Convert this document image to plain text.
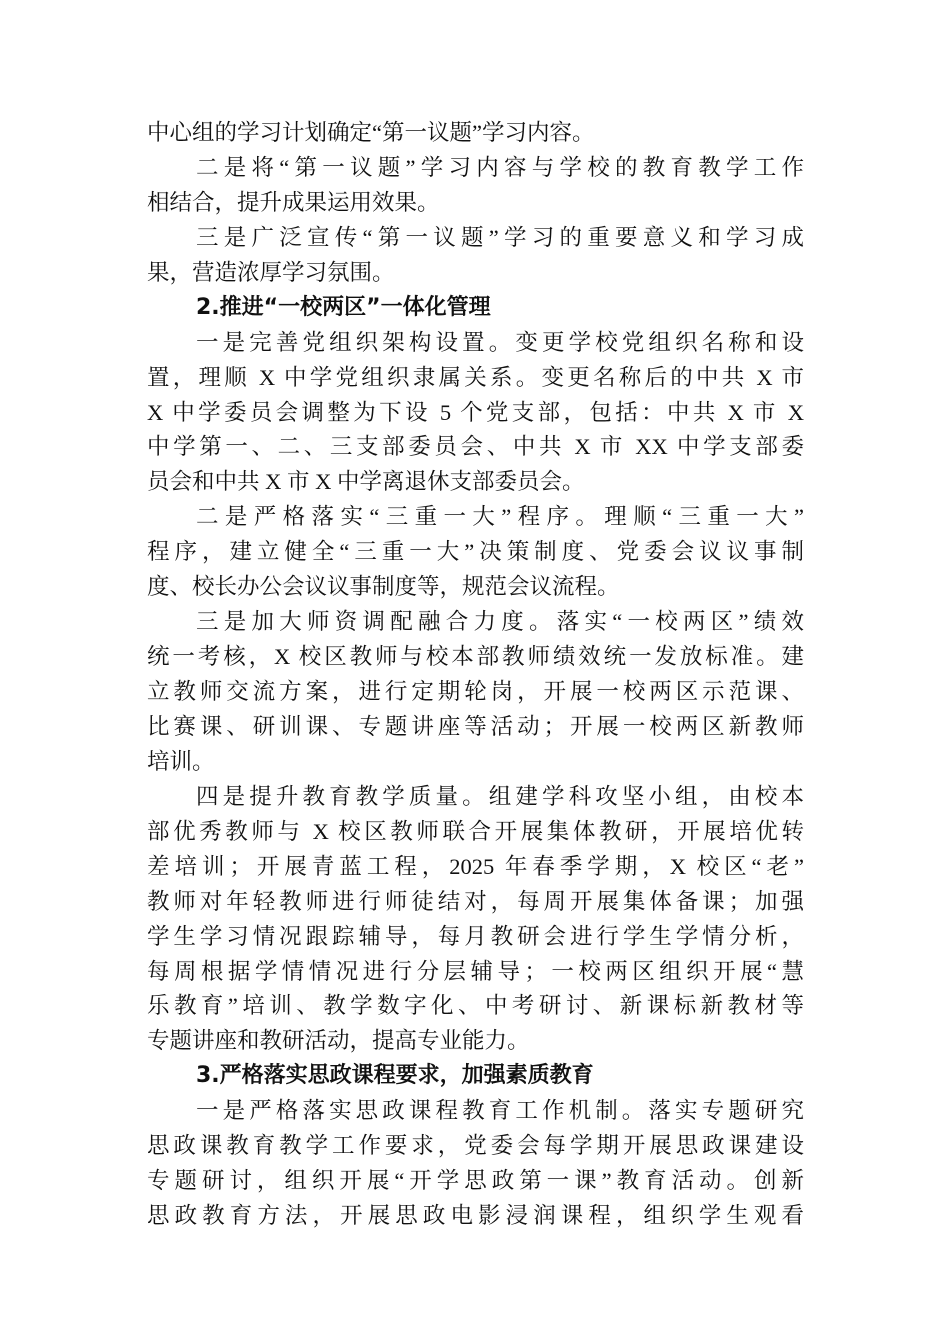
中心组的学习计划确定“第一议题”学习内容。
二是将“第一议题”学习内容与学校的教育教学工作
相结合，提升成果运用效果。
三是广泛宣传“第一议题”学习的重要意义和学习成
果，营造浓厚学习氛围。
2.推进“一校两区”一体化管理
一是完善党组织架构设置。变更学校党组织名称和设
置，理顺 X 中学党组织隶属关系。变更名称后的中共 X 市
X 中学委员会调整为下设 5 个党支部，包括：中共 X 市 X
中学第一、二、三支部委员会、中共 X 市 XX 中学支部委
员会和中共 X 市 X 中学离退休支部委员会。
二是严格落实“三重一大”程序。理顺“三重一大”
程序，建立健全“三重一大”决策制度、党委会议议事制
度、校长办公会议议事制度等，规范会议流程。
三是加大师资调配融合力度。落实“一校两区”绩效
统一考核，X 校区教师与校本部教师绩效统一发放标准。建
立教师交流方案，进行定期轮岗，开展一校两区示范课、
比赛课、研训课、专题讲座等活动；开展一校两区新教师
培训。
四是提升教育教学质量。组建学科攻坚小组，由校本
部优秀教师与 X 校区教师联合开展集体教研，开展培优转
差培训；开展青蓝工程，2025 年春季学期，X 校区“老”
教师对年轻教师进行师徒结对，每周开展集体备课；加强
学生学习情况跟踪辅导，每月教研会进行学生学情分析，
每周根据学情情况进行分层辅导；一校两区组织开展“慧
乐教育”培训、教学数字化、中考研讨、新课标新教材等
专题讲座和教研活动，提高专业能力。
3.严格落实思政课程要求，加强素质教育
一是严格落实思政课程教育工作机制。落实专题研究
思政课教育教学工作要求，党委会每学期开展思政课建设
专题研讨，组织开展“开学思政第一课”教育活动。创新
思政教育方法，开展思政电影浸润课程，组织学生观看
